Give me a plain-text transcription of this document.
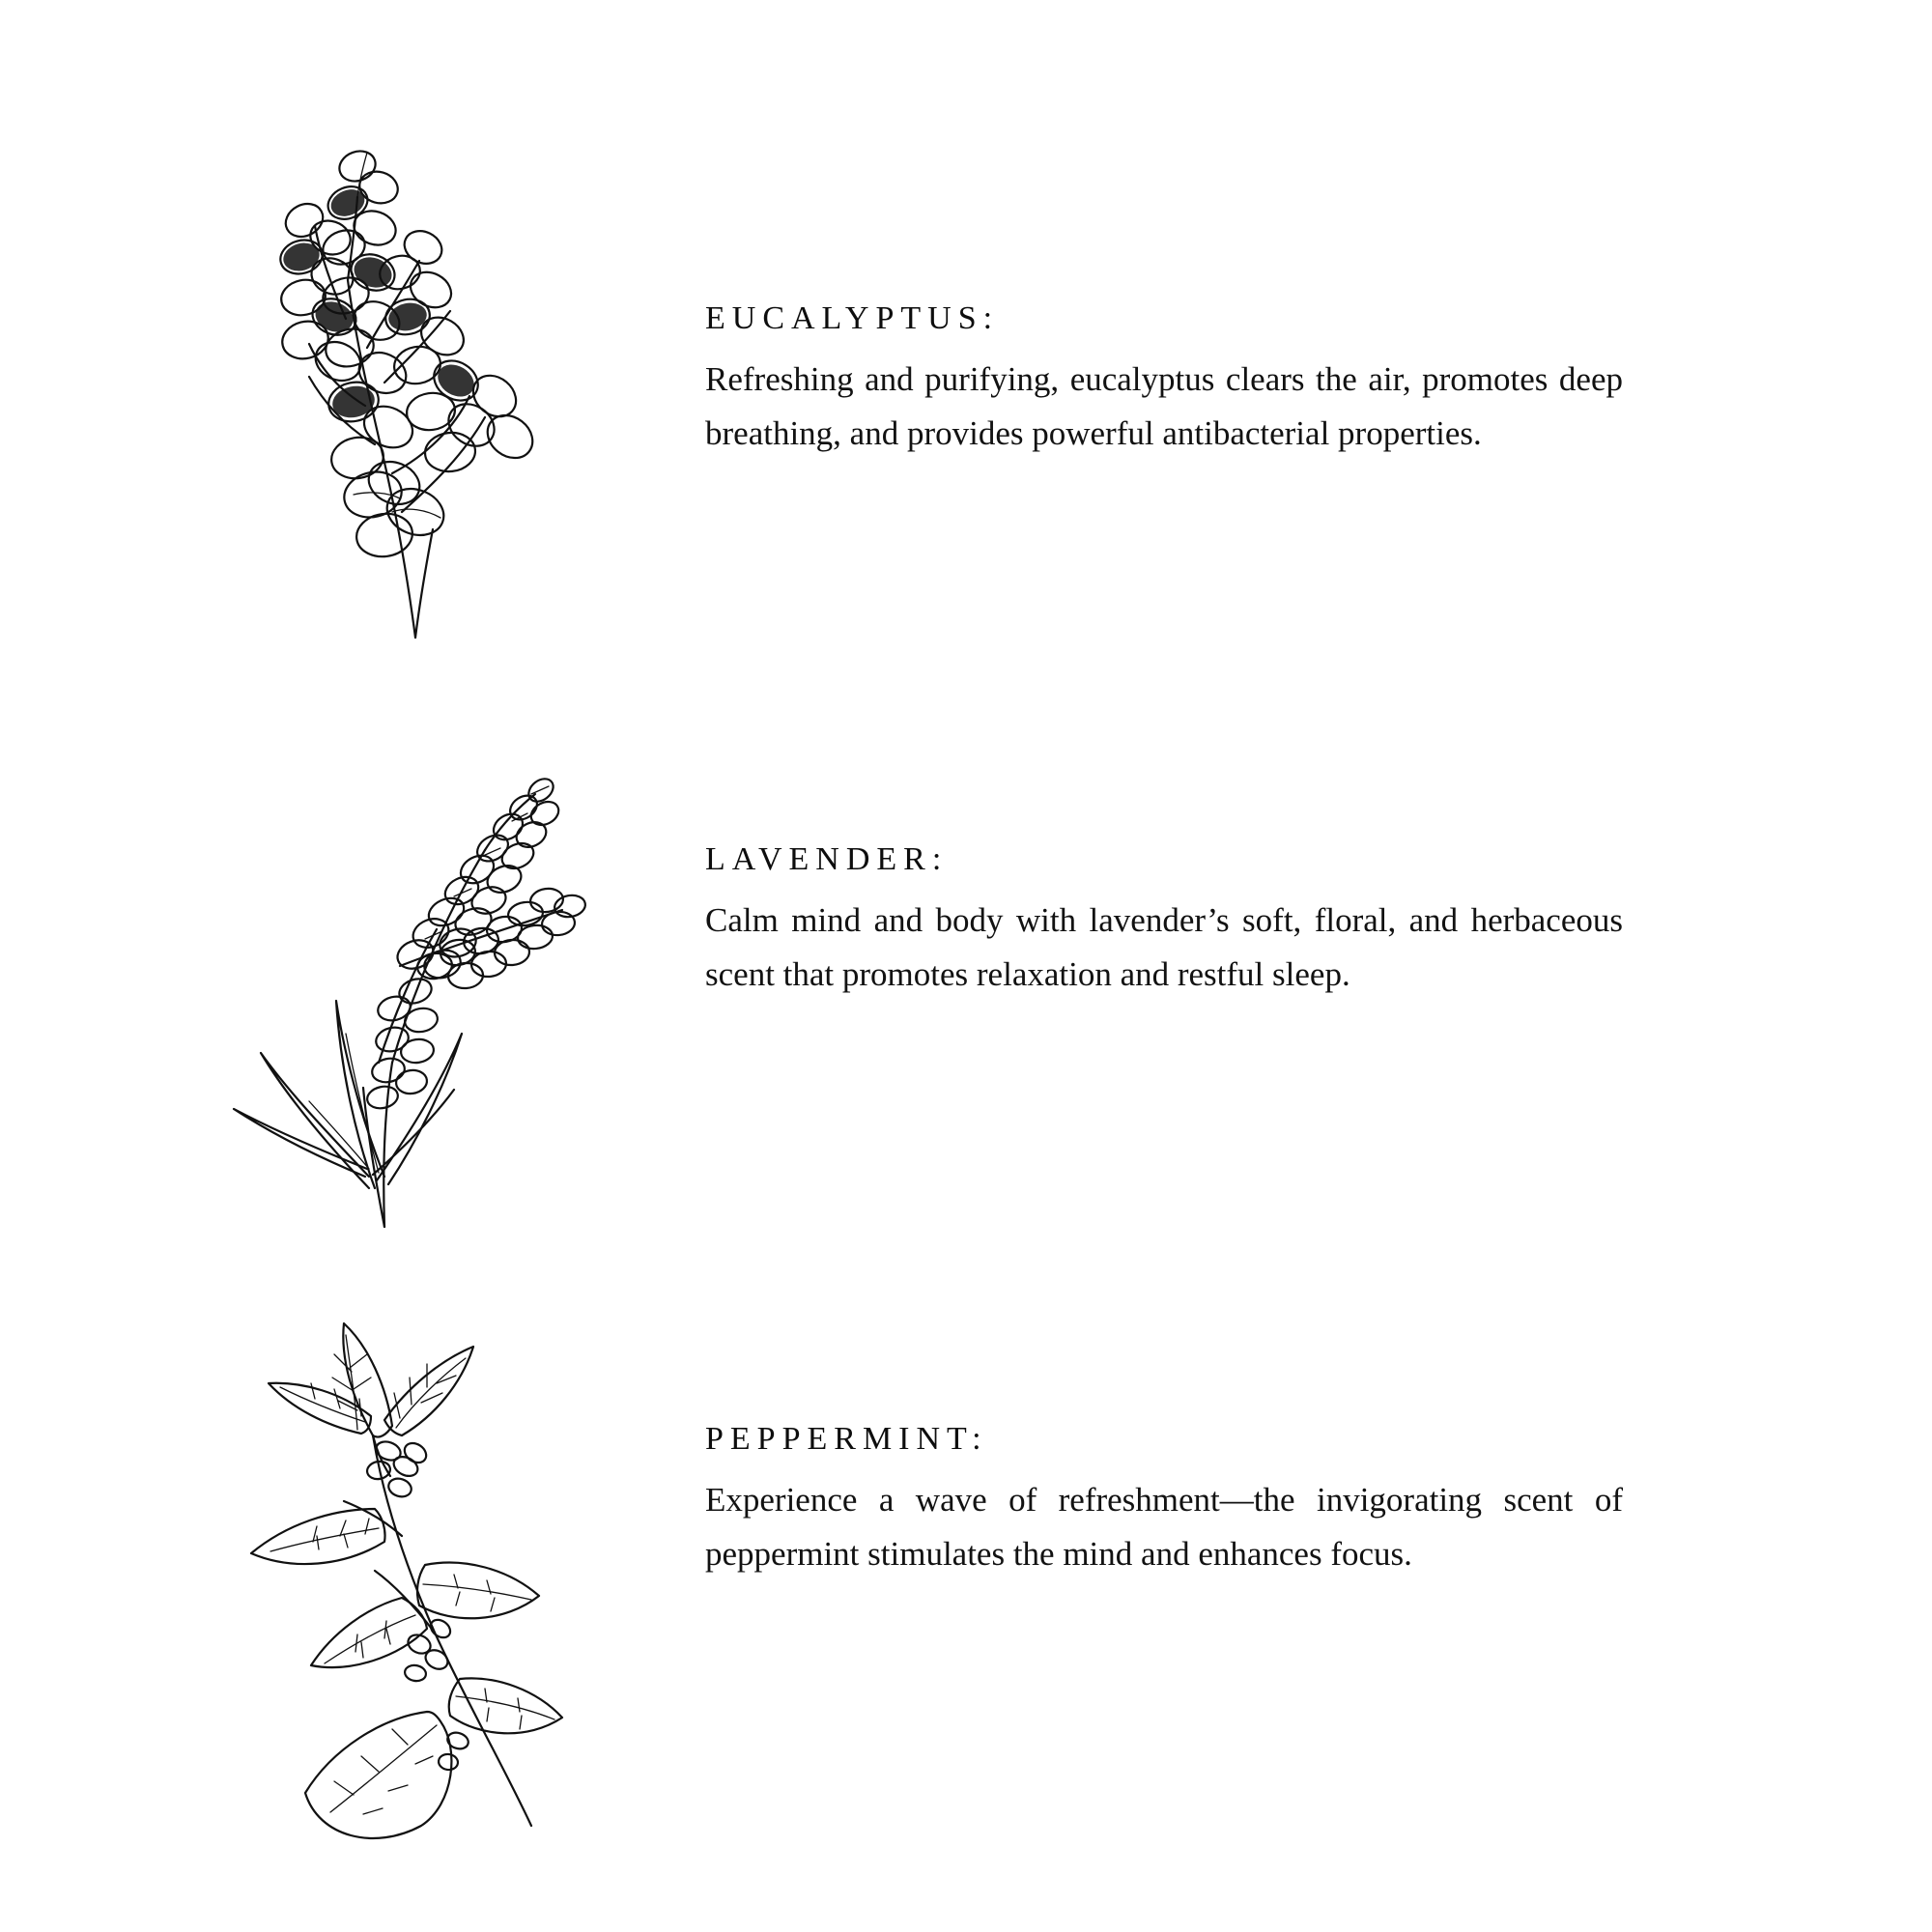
EUCALYPTUS:

Refreshing and purifying, eucalyptus clears the air, promotes deep breathing, and provides powerful antibacterial properties.

LAVENDER:

Calm mind and body with lavender’s soft, floral, and herbaceous scent that promotes relaxation and restful sleep.

PEPPERMINT:

Experience a wave of refreshment—the invigorating scent of peppermint stimulates the mind and enhances focus.
